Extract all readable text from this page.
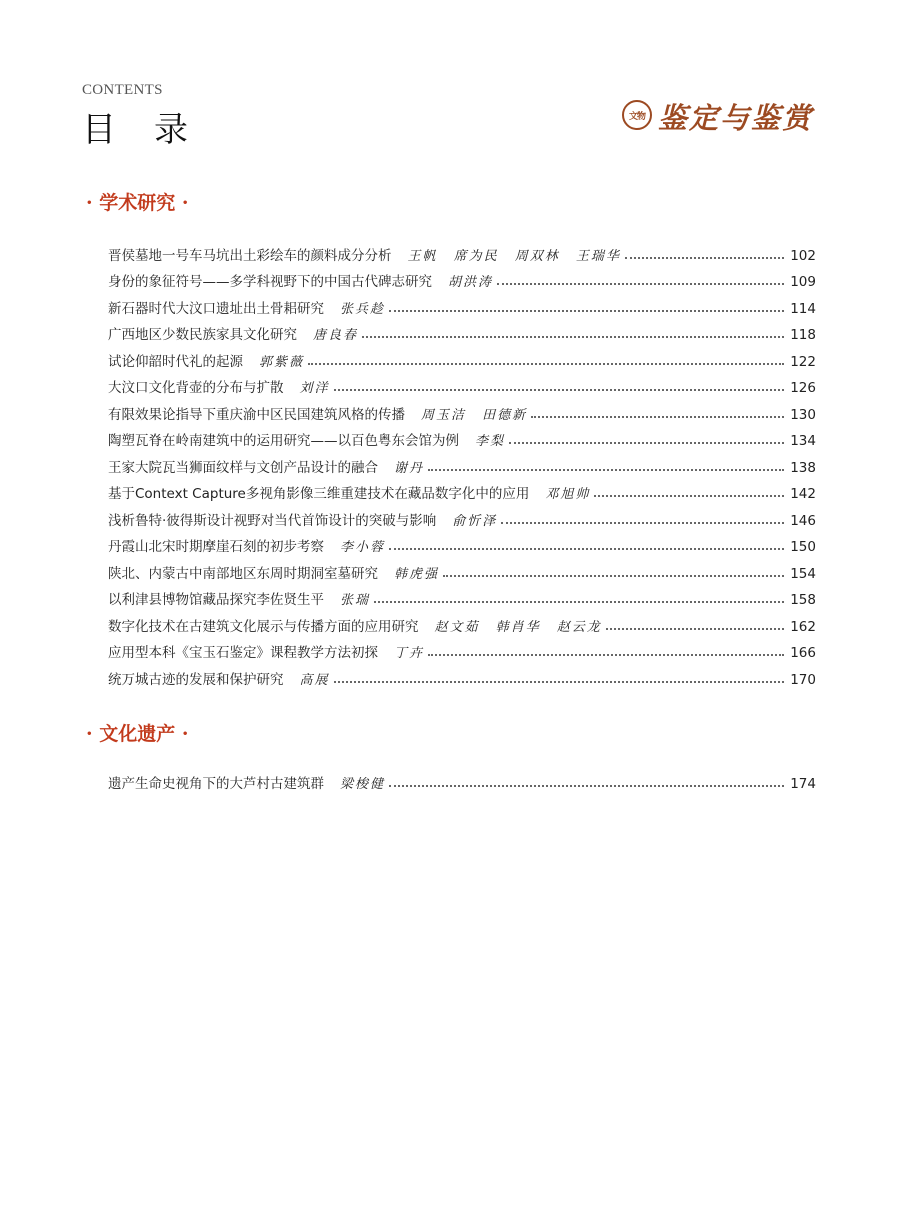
CONTENTS
目录	文物 鉴定与鉴赏
· 学术研究 ·
晋侯墓地一号车马坑出土彩绘车的颜料成分分析 王帆 席为民 周双林 王瑞华	102
身份的象征符号——多学科视野下的中国古代碑志研究 胡洪涛	109
新石器时代大汶口遗址出土骨耜研究 张兵趁	114
广西地区少数民族家具文化研究 唐良春	118
试论仰韶时代礼的起源 郭紫薇	122
大汶口文化背壶的分布与扩散 刘洋	126
有限效果论指导下重庆渝中区民国建筑风格的传播 周玉洁 田德新	130
陶塑瓦脊在岭南建筑中的运用研究——以百色粤东会馆为例 李梨	134
王家大院瓦当狮面纹样与文创产品设计的融合 谢丹	138
基于Context Capture多视角影像三维重建技术在藏品数字化中的应用 邓旭帅	142
浅析鲁特·彼得斯设计视野对当代首饰设计的突破与影响 俞忻泽	146
丹霞山北宋时期摩崖石刻的初步考察 李小蓉	150
陕北、内蒙古中南部地区东周时期洞室墓研究 韩虎强	154
以利津县博物馆藏品探究李佐贤生平 张瑞	158
数字化技术在古建筑文化展示与传播方面的应用研究 赵文茹 韩肖华 赵云龙	162
应用型本科《宝玉石鉴定》课程教学方法初探 丁卉	166
统万城古迹的发展和保护研究 高展	170
· 文化遗产 ·
遗产生命史视角下的大芦村古建筑群 梁梭健	174
